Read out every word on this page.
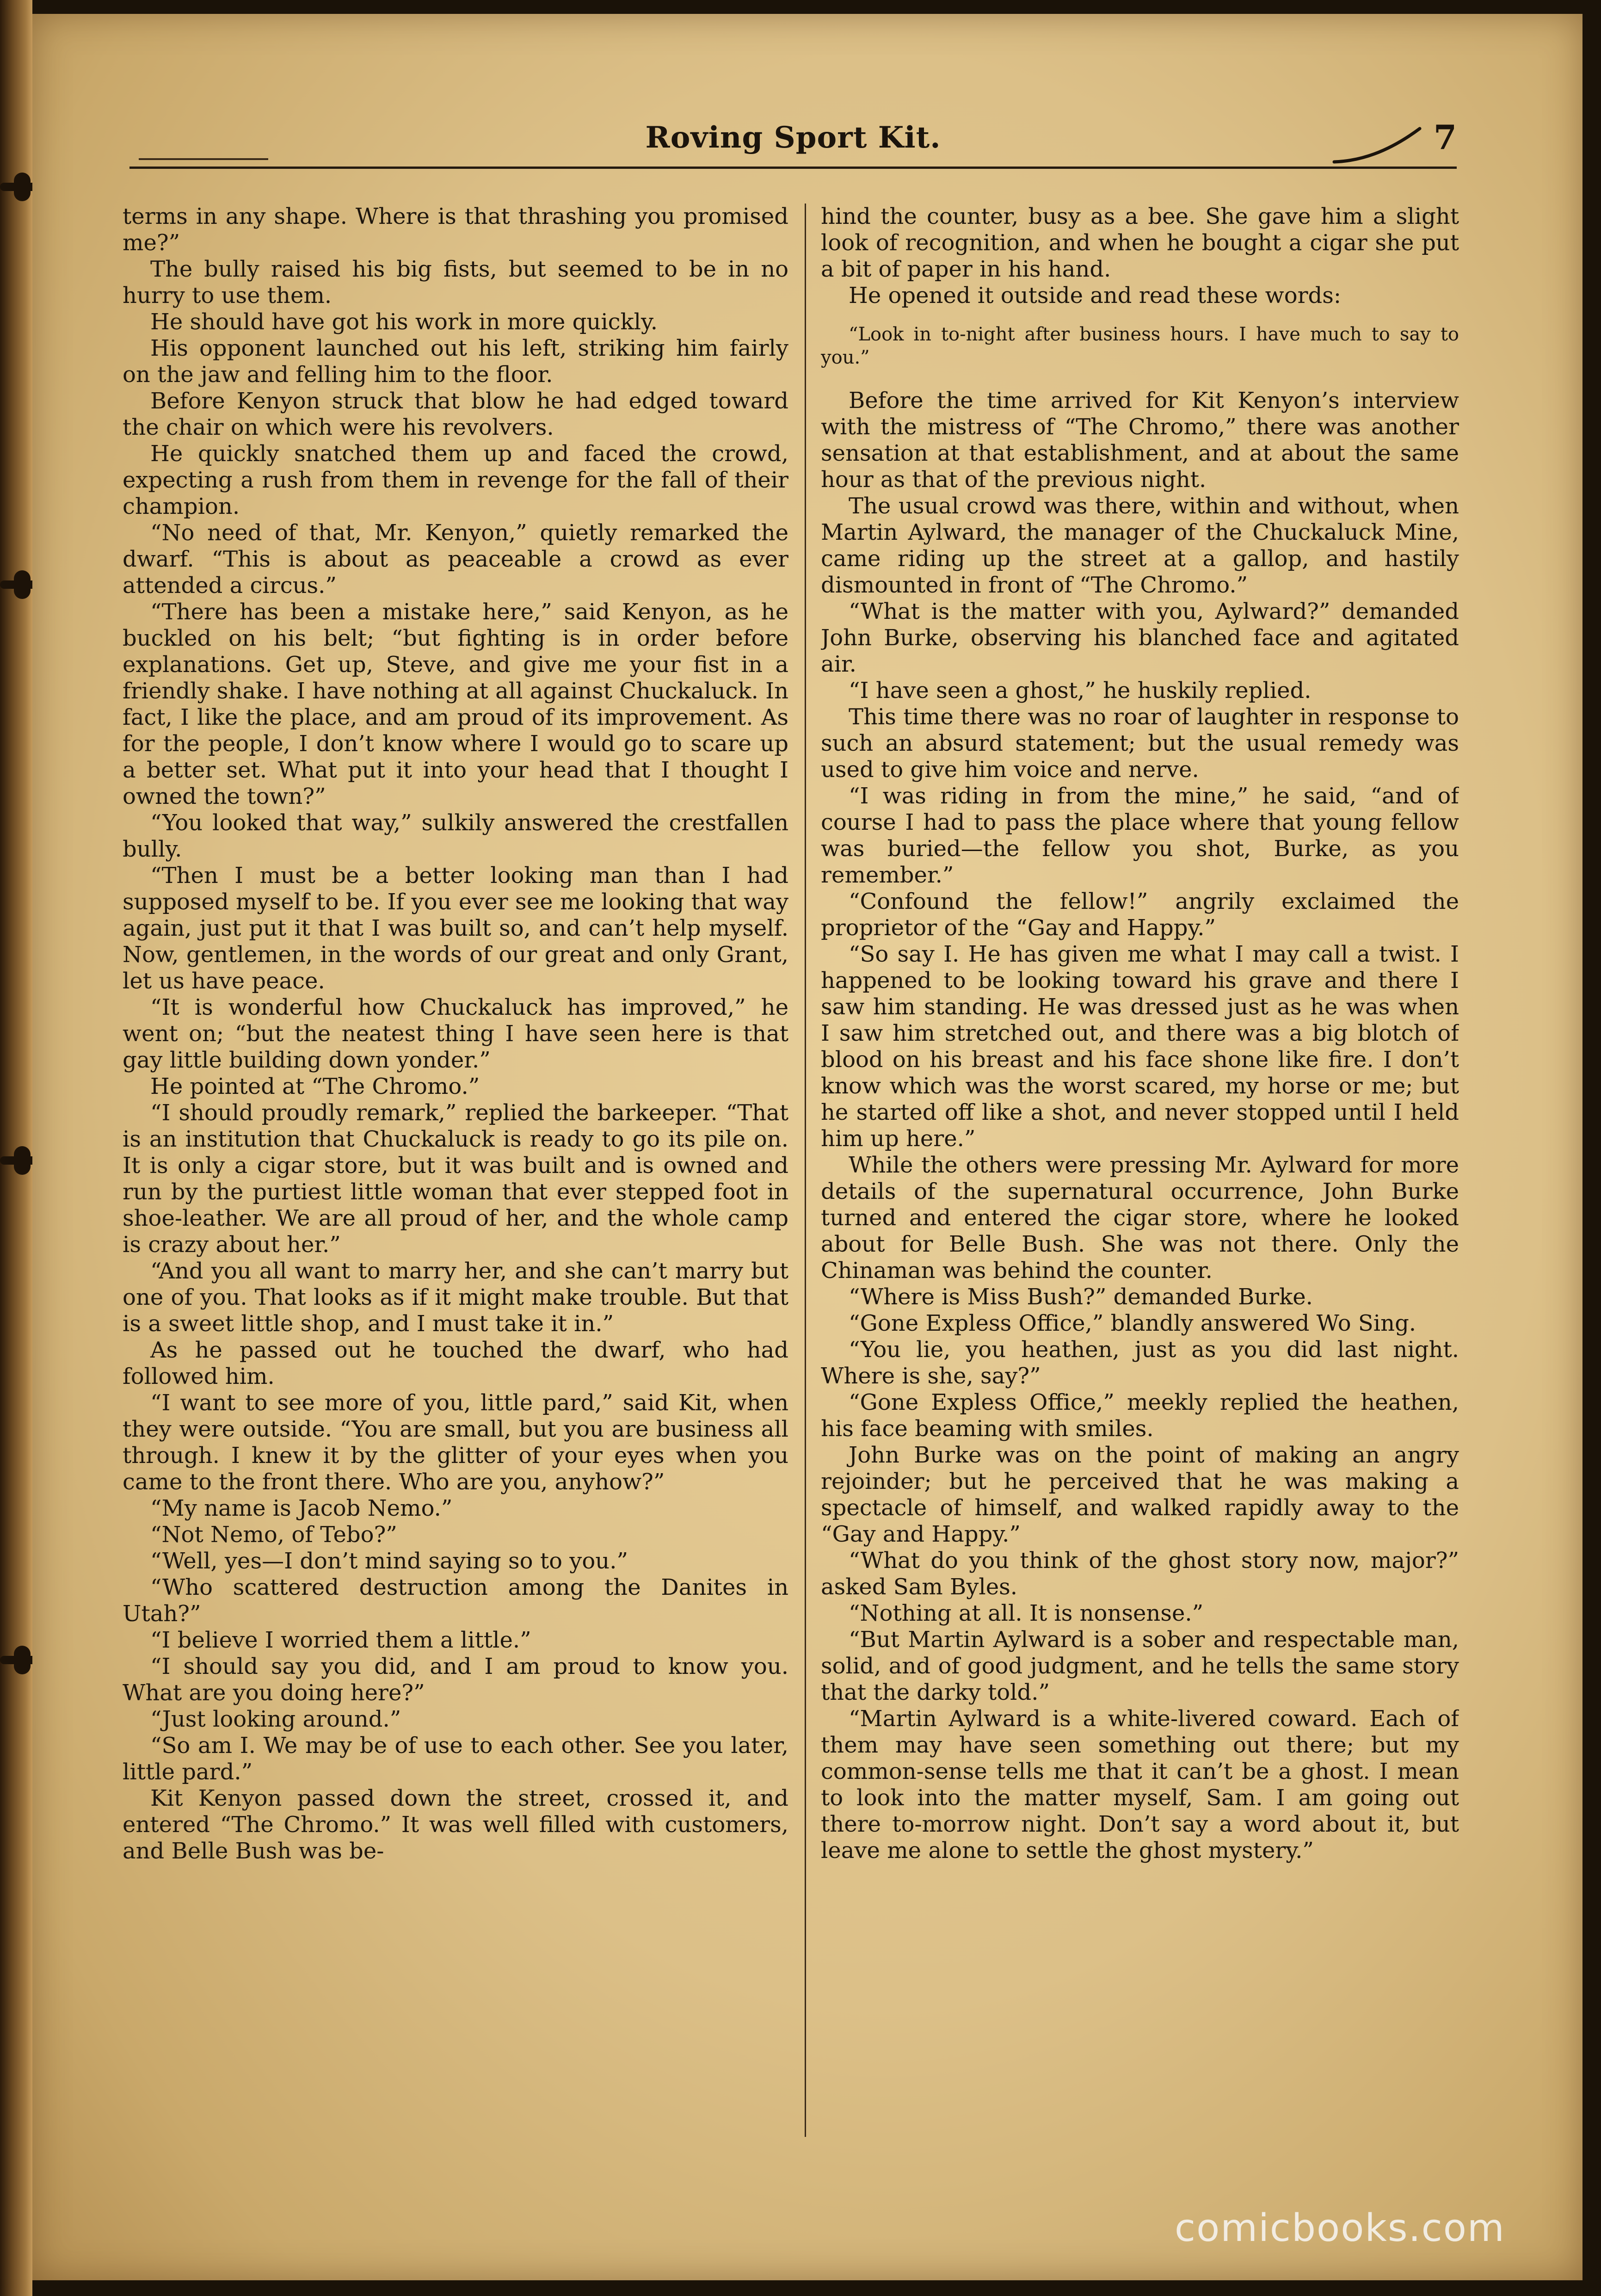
Roving Sport Kit.	7

terms in any shape. Where is that thrashing you promised me?”

The bully raised his big fists, but seemed to be in no hurry to use them.

He should have got his work in more quickly.

His opponent launched out his left, striking him fairly on the jaw and felling him to the floor.

Before Kenyon struck that blow he had edged toward the chair on which were his revolvers.

He quickly snatched them up and faced the crowd, expecting a rush from them in revenge for the fall of their champion.

“No need of that, Mr. Kenyon,” quietly remarked the dwarf. “This is about as peaceable a crowd as ever attended a circus.”

“There has been a mistake here,” said Kenyon, as he buckled on his belt; “but fighting is in order before explanations. Get up, Steve, and give me your fist in a friendly shake. I have nothing at all against Chuckaluck. In fact, I like the place, and am proud of its improvement. As for the people, I don’t know where I would go to scare up a better set. What put it into your head that I thought I owned the town?”

“You looked that way,” sulkily answered the crestfallen bully.

“Then I must be a better looking man than I had supposed myself to be. If you ever see me looking that way again, just put it that I was built so, and can’t help myself. Now, gentlemen, in the words of our great and only Grant, let us have peace.

“It is wonderful how Chuckaluck has improved,” he went on; “but the neatest thing I have seen here is that gay little building down yonder.”

He pointed at “The Chromo.”

“I should proudly remark,” replied the barkeeper. “That is an institution that Chuckaluck is ready to go its pile on. It is only a cigar store, but it was built and is owned and run by the purtiest little woman that ever stepped foot in shoe-leather. We are all proud of her, and the whole camp is crazy about her.”

“And you all want to marry her, and she can’t marry but one of you. That looks as if it might make trouble. But that is a sweet little shop, and I must take it in.”

As he passed out he touched the dwarf, who had followed him.

“I want to see more of you, little pard,” said Kit, when they were outside. “You are small, but you are business all through. I knew it by the glitter of your eyes when you came to the front there. Who are you, anyhow?”

“My name is Jacob Nemo.”

“Not Nemo, of Tebo?”

“Well, yes—I don’t mind saying so to you.”

“Who scattered destruction among the Danites in Utah?”

“I believe I worried them a little.”

“I should say you did, and I am proud to know you. What are you doing here?”

“Just looking around.”

“So am I. We may be of use to each other. See you later, little pard.”

Kit Kenyon passed down the street, crossed it, and entered “The Chromo.” It was well filled with customers, and Belle Bush was be-

hind the counter, busy as a bee. She gave him a slight look of recognition, and when he bought a cigar she put a bit of paper in his hand.

He opened it outside and read these words:

“Look in to-night after business hours. I have much to say to you.”

Before the time arrived for Kit Kenyon’s interview with the mistress of “The Chromo,” there was another sensation at that establishment, and at about the same hour as that of the previous night.

The usual crowd was there, within and without, when Martin Aylward, the manager of the Chuckaluck Mine, came riding up the street at a gallop, and hastily dismounted in front of “The Chromo.”

“What is the matter with you, Aylward?” demanded John Burke, observing his blanched face and agitated air.

“I have seen a ghost,” he huskily replied.

This time there was no roar of laughter in response to such an absurd statement; but the usual remedy was used to give him voice and nerve.

“I was riding in from the mine,” he said, “and of course I had to pass the place where that young fellow was buried—the fellow you shot, Burke, as you remember.”

“Confound the fellow!” angrily exclaimed the proprietor of the “Gay and Happy.”

“So say I. He has given me what I may call a twist. I happened to be looking toward his grave and there I saw him standing. He was dressed just as he was when I saw him stretched out, and there was a big blotch of blood on his breast and his face shone like fire. I don’t know which was the worst scared, my horse or me; but he started off like a shot, and never stopped until I held him up here.”

While the others were pressing Mr. Aylward for more details of the supernatural occurrence, John Burke turned and entered the cigar store, where he looked about for Belle Bush. She was not there. Only the Chinaman was behind the counter.

“Where is Miss Bush?” demanded Burke.

“Gone Expless Office,” blandly answered Wo Sing.

“You lie, you heathen, just as you did last night. Where is she, say?”

“Gone Expless Office,” meekly replied the heathen, his face beaming with smiles.

John Burke was on the point of making an angry rejoinder; but he perceived that he was making a spectacle of himself, and walked rapidly away to the “Gay and Happy.”

“What do you think of the ghost story now, major?” asked Sam Byles.

“Nothing at all. It is nonsense.”

“But Martin Aylward is a sober and respectable man, solid, and of good judgment, and he tells the same story that the darky told.”

“Martin Aylward is a white-livered coward. Each of them may have seen something out there; but my common-sense tells me that it can’t be a ghost. I mean to look into the matter myself, Sam. I am going out there to-morrow night. Don’t say a word about it, but leave me alone to settle the ghost mystery.”

comicbooks.com
